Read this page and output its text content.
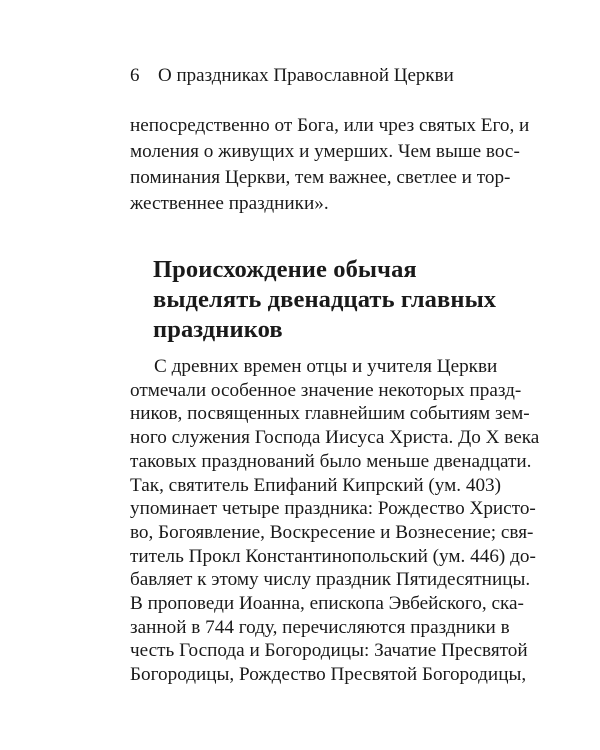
6 О праздниках Православной Церкви
непосредственно от Бога, или чрез святых Его, и
моления о живущих и умерших. Чем выше вос-
поминания Церкви, тем важнее, светлее и тор-
жественнее праздники».
Происхождение обычая
выделять двенадцать главных
праздников
С древних времен отцы и учителя Церкви
отмечали особенное значение некоторых празд-
ников, посвященных главнейшим событиям зем-
ного служения Господа Иисуса Христа. До X века
таковых празднований было меньше двенадцати.
Так, святитель Епифаний Кипрский (ум. 403)
упоминает четыре праздника: Рождество Христо-
во, Богоявление, Воскресение и Вознесение; свя-
титель Прокл Константинопольский (ум. 446) до-
бавляет к этому числу праздник Пятидесятницы.
В проповеди Иоанна, епископа Эвбейского, ска-
занной в 744 году, перечисляются праздники в
честь Господа и Богородицы: Зачатие Пресвятой
Богородицы, Рождество Пресвятой Богородицы,
